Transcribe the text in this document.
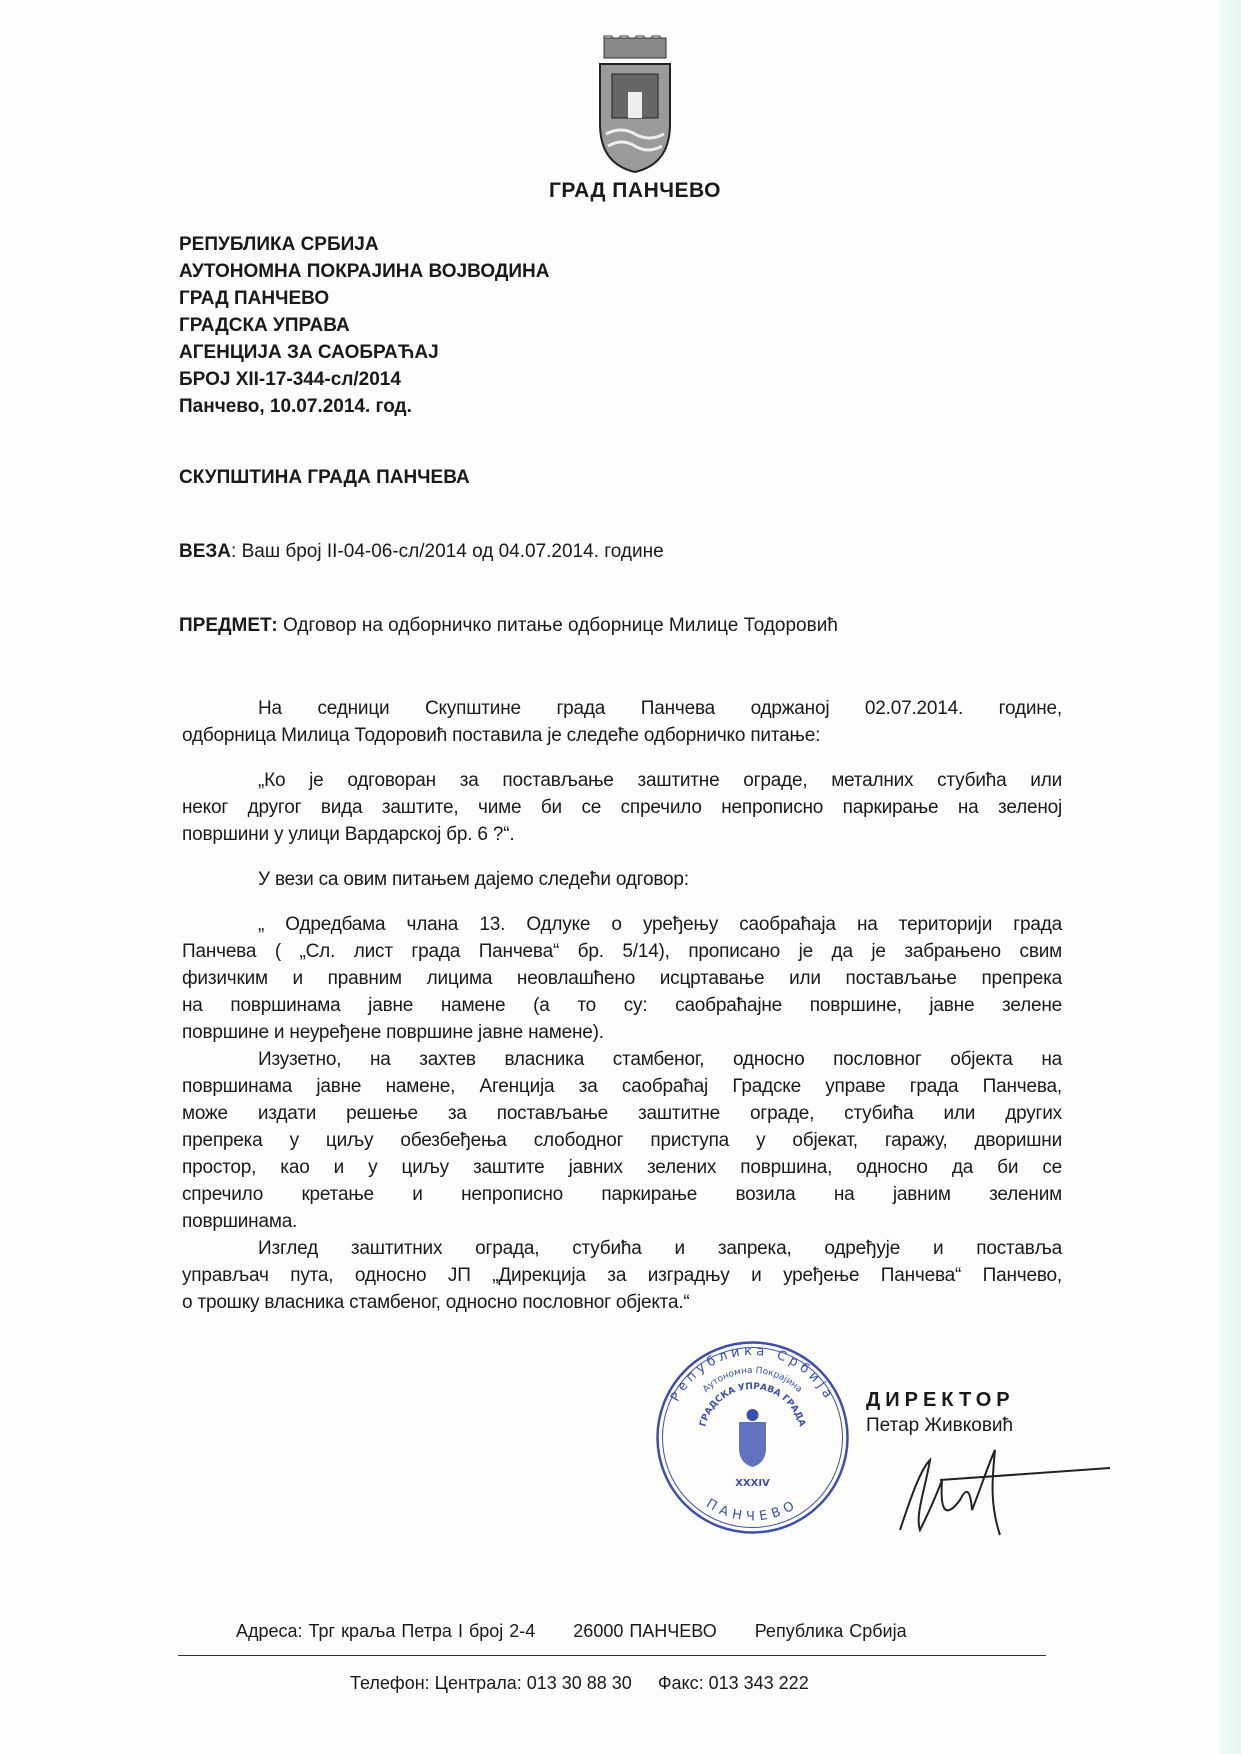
ГРАД ПАНЧЕВО
РЕПУБЛИКА СРБИЈА
АУТОНОМНА ПОКРАЈИНА ВОЈВОДИНА
ГРАД ПАНЧЕВО
ГРАДСКА УПРАВА
АГЕНЦИЈА ЗА САОБРАЋАЈ
БРОЈ XII-17-344-сл/2014
Панчево, 10.07.2014. год.
СКУПШТИНА ГРАДА ПАНЧЕВА
ВЕЗА: Ваш број II-04-06-сл/2014 од 04.07.2014. године
ПРЕДМЕТ: Одговор на одборничко питање одборнице Милице Тодоровић
На седници Скупштине града Панчева одржаној 02.07.2014. године,
одборница Милица Тодоровић поставила је следеће одборничко питање:
„Ко је одговоран за постављање заштитне ограде, металних стубића или
неког другог вида заштите, чиме би се спречило непрописно паркирање на зеленој
површини у улици Вардарској бр. 6 ?“.
У вези са овим питањем дајемо следећи одговор:
„ Одредбама члана 13. Одлуке о уређењу саобраћаја на територији града
Панчева ( „Сл. лист града Панчева“ бр. 5/14), прописано је да је забрањено свим
физичким и правним лицима неовлашћено исцртавање или постављање препрека
на површинама јавне намене (а то су: саобраћајне површине, јавне зелене
површине и неуређене површине јавне намене).
Изузетно, на захтев власника стамбеног, односно пословног објекта на
површинама јавне намене, Агенција за саобраћај Градске управе града Панчева,
може издати решење за постављање заштитне ограде, стубића или других
препрека у циљу обезбеђења слободног приступа у објекат, гаражу, дворишни
простор, као и у циљу заштите јавних зелених површина, односно да би се
спречило кретање и непрописно паркирање возила на јавним зеленим
површинама.
Изглед заштитних ограда, стубића и запрека, одређује и поставља
управљач пута, односно ЈП „Дирекција за изградњу и уређење Панчева“ Панчево,
о трошку власника стамбеног, односно пословног објекта.“
Република Србија
Аутономна Покрајина
ГРАДСКА УПРАВА ГРАДА
ПАНЧЕВО
XXXIV
ДИРЕКТОР
Петар Живковић
Адреса: Трг краља Петра I број 2-4 26000 ПАНЧЕВО Република Србија
Телефон: Централа: 013 30 88 30 Факс: 013 343 222
